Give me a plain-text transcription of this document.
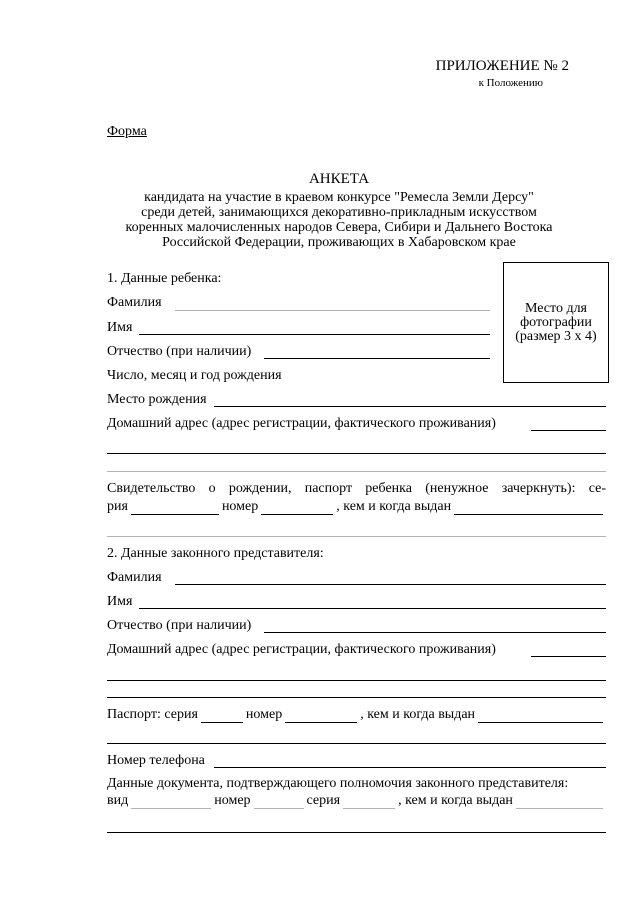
ПРИЛОЖЕНИЕ № 2
к Положению
Форма
АНКЕТА
кандидата на участие в краевом конкурсе "Ремесла Земли Дерсу"
среди детей, занимающихся декоративно-прикладным искусством
коренных малочисленных народов Севера, Сибири и Дальнего Востока
Российской Федерации, проживающих в Хабаровском крае
Место для
фотографии
(размер 3 х 4)
1. Данные ребенка:
Фамилия
Имя
Отчество (при наличии)
Число, месяц и год рождения
Место рождения
Домашний адрес (адрес регистрации, фактического проживания)
Свидетельство о рождении, паспорт ребенка (ненужное зачеркнуть): се-
рия	номер	, кем и когда выдан
2. Данные законного представителя:
Фамилия
Имя
Отчество (при наличии)
Домашний адрес (адрес регистрации, фактического проживания)
Паспорт: серия	номер	, кем и когда выдан
Номер телефона
Данные документа, подтверждающего полномочия законного представителя:
вид	номер	серия	, кем и когда выдан
